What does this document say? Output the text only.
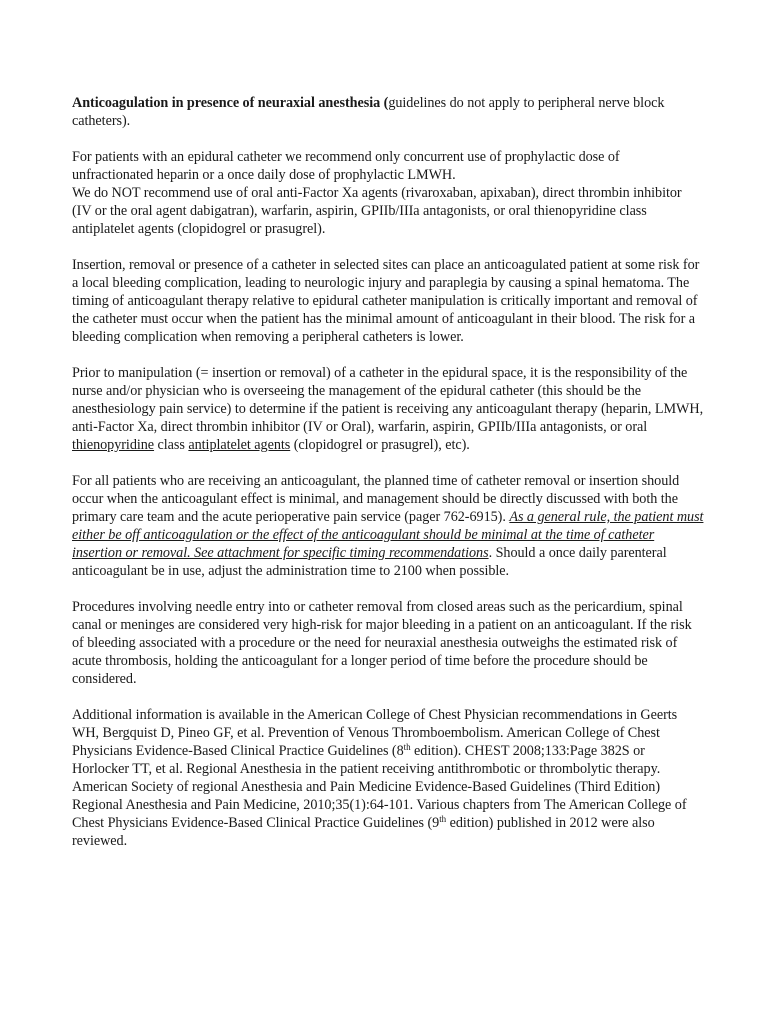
Anticoagulation in presence of neuraxial anesthesia (guidelines do not apply to peripheral nerve block catheters).

For patients with an epidural catheter we recommend only concurrent use of prophylactic dose of unfractionated heparin or a once daily dose of prophylactic LMWH.

We do NOT recommend use of oral anti-Factor Xa agents (rivaroxaban, apixaban), direct thrombin inhibitor (IV or the oral agent dabigatran), warfarin, aspirin, GPIIb/IIIa antagonists, or oral thienopyridine class antiplatelet agents (clopidogrel or prasugrel).

Insertion, removal or presence of a catheter in selected sites can place an anticoagulated patient at some risk for a local bleeding complication, leading to neurologic injury and paraplegia by causing a spinal hematoma. The timing of anticoagulant therapy relative to epidural catheter manipulation is critically important and removal of the catheter must occur when the patient has the minimal amount of anticoagulant in their blood. The risk for a bleeding complication when removing a peripheral catheters is lower.

Prior to manipulation (= insertion or removal) of a catheter in the epidural space, it is the responsibility of the nurse and/or physician who is overseeing the management of the epidural catheter (this should be the anesthesiology pain service) to determine if the patient is receiving any anticoagulant therapy (heparin, LMWH, anti-Factor Xa, direct thrombin inhibitor (IV or Oral), warfarin, aspirin, GPIIb/IIIa antagonists, or oral thienopyridine class antiplatelet agents (clopidogrel or prasugrel), etc).

For all patients who are receiving an anticoagulant, the planned time of catheter removal or insertion should occur when the anticoagulant effect is minimal, and management should be directly discussed with both the primary care team and the acute perioperative pain service (pager 762-6915). As a general rule, the patient must either be off anticoagulation or the effect of the anticoagulant should be minimal at the time of catheter insertion or removal. See attachment for specific timing recommendations. Should a once daily parenteral anticoagulant be in use, adjust the administration time to 2100 when possible.

Procedures involving needle entry into or catheter removal from closed areas such as the pericardium, spinal canal or meninges are considered very high-risk for major bleeding in a patient on an anticoagulant. If the risk of bleeding associated with a procedure or the need for neuraxial anesthesia outweighs the estimated risk of acute thrombosis, holding the anticoagulant for a longer period of time before the procedure should be considered.

Additional information is available in the American College of Chest Physician recommendations in Geerts WH, Bergquist D, Pineo GF, et al. Prevention of Venous Thromboembolism. American College of Chest Physicians Evidence-Based Clinical Practice Guidelines (8th edition). CHEST 2008;133:Page 382S or Horlocker TT, et al. Regional Anesthesia in the patient receiving antithrombotic or thrombolytic therapy. American Society of regional Anesthesia and Pain Medicine Evidence-Based Guidelines (Third Edition) Regional Anesthesia and Pain Medicine, 2010;35(1):64-101. Various chapters from The American College of Chest Physicians Evidence-Based Clinical Practice Guidelines (9th edition) published in 2012 were also reviewed.
